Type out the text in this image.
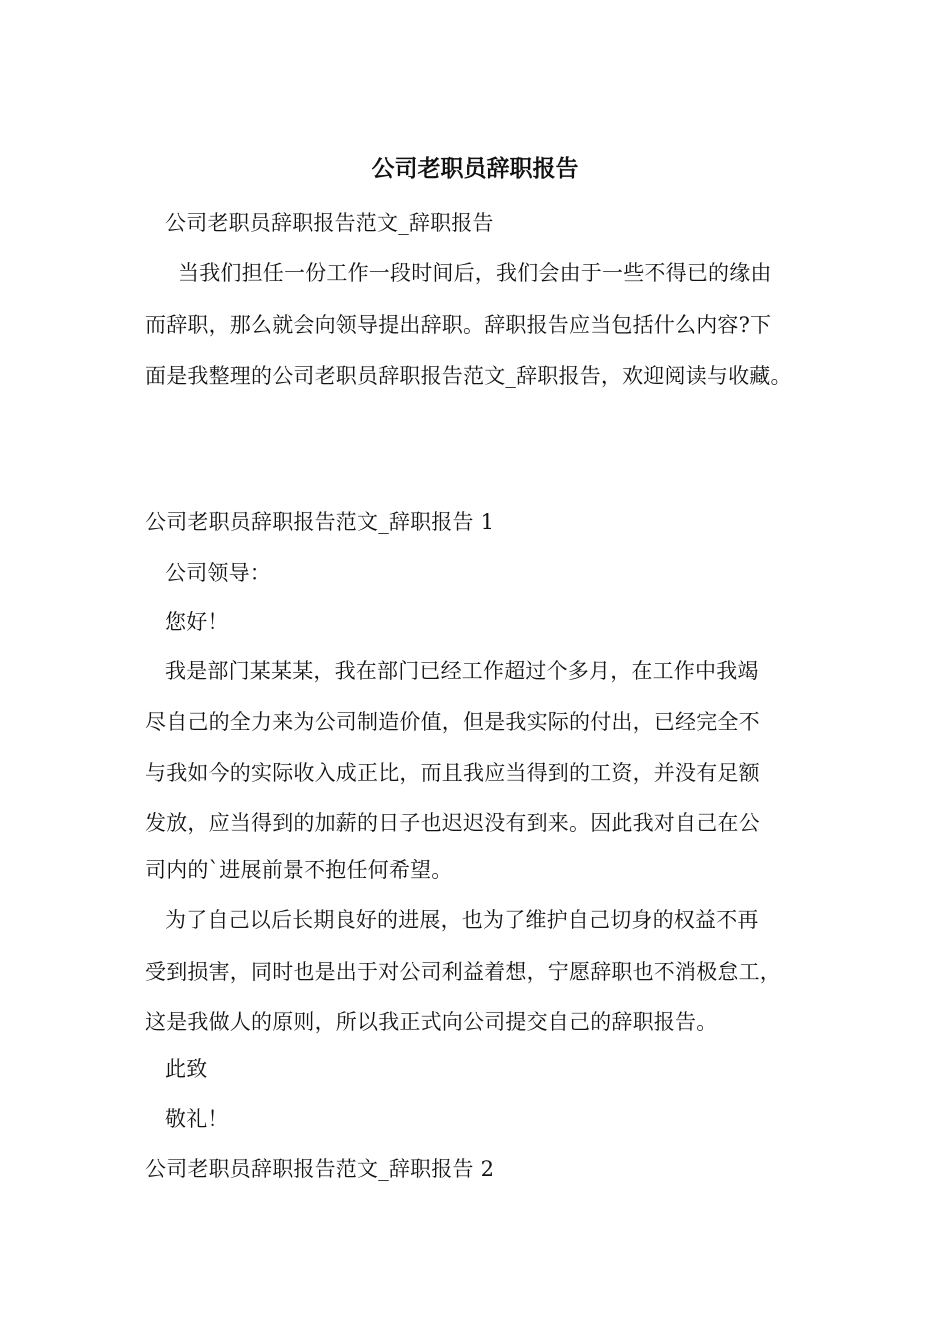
公司老职员辞职报告
公司老职员辞职报告范文_辞职报告
当我们担任一份工作一段时间后，我们会由于一些不得已的缘由
而辞职，那么就会向领导提出辞职。辞职报告应当包括什么内容?下
面是我整理的公司老职员辞职报告范文_辞职报告，欢迎阅读与收藏。
公司老职员辞职报告范文_辞职报告 1
公司领导：
您好！
我是部门某某某，我在部门已经工作超过个多月，在工作中我竭
尽自己的全力来为公司制造价值，但是我实际的付出，已经完全不
与我如今的实际收入成正比，而且我应当得到的工资，并没有足额
发放，应当得到的加薪的日子也迟迟没有到来。因此我对自己在公
司内的`进展前景不抱任何希望。
为了自己以后长期良好的进展，也为了维护自己切身的权益不再
受到损害，同时也是出于对公司利益着想，宁愿辞职也不消极怠工，
这是我做人的原则，所以我正式向公司提交自己的辞职报告。
此致
敬礼！
公司老职员辞职报告范文_辞职报告 2
